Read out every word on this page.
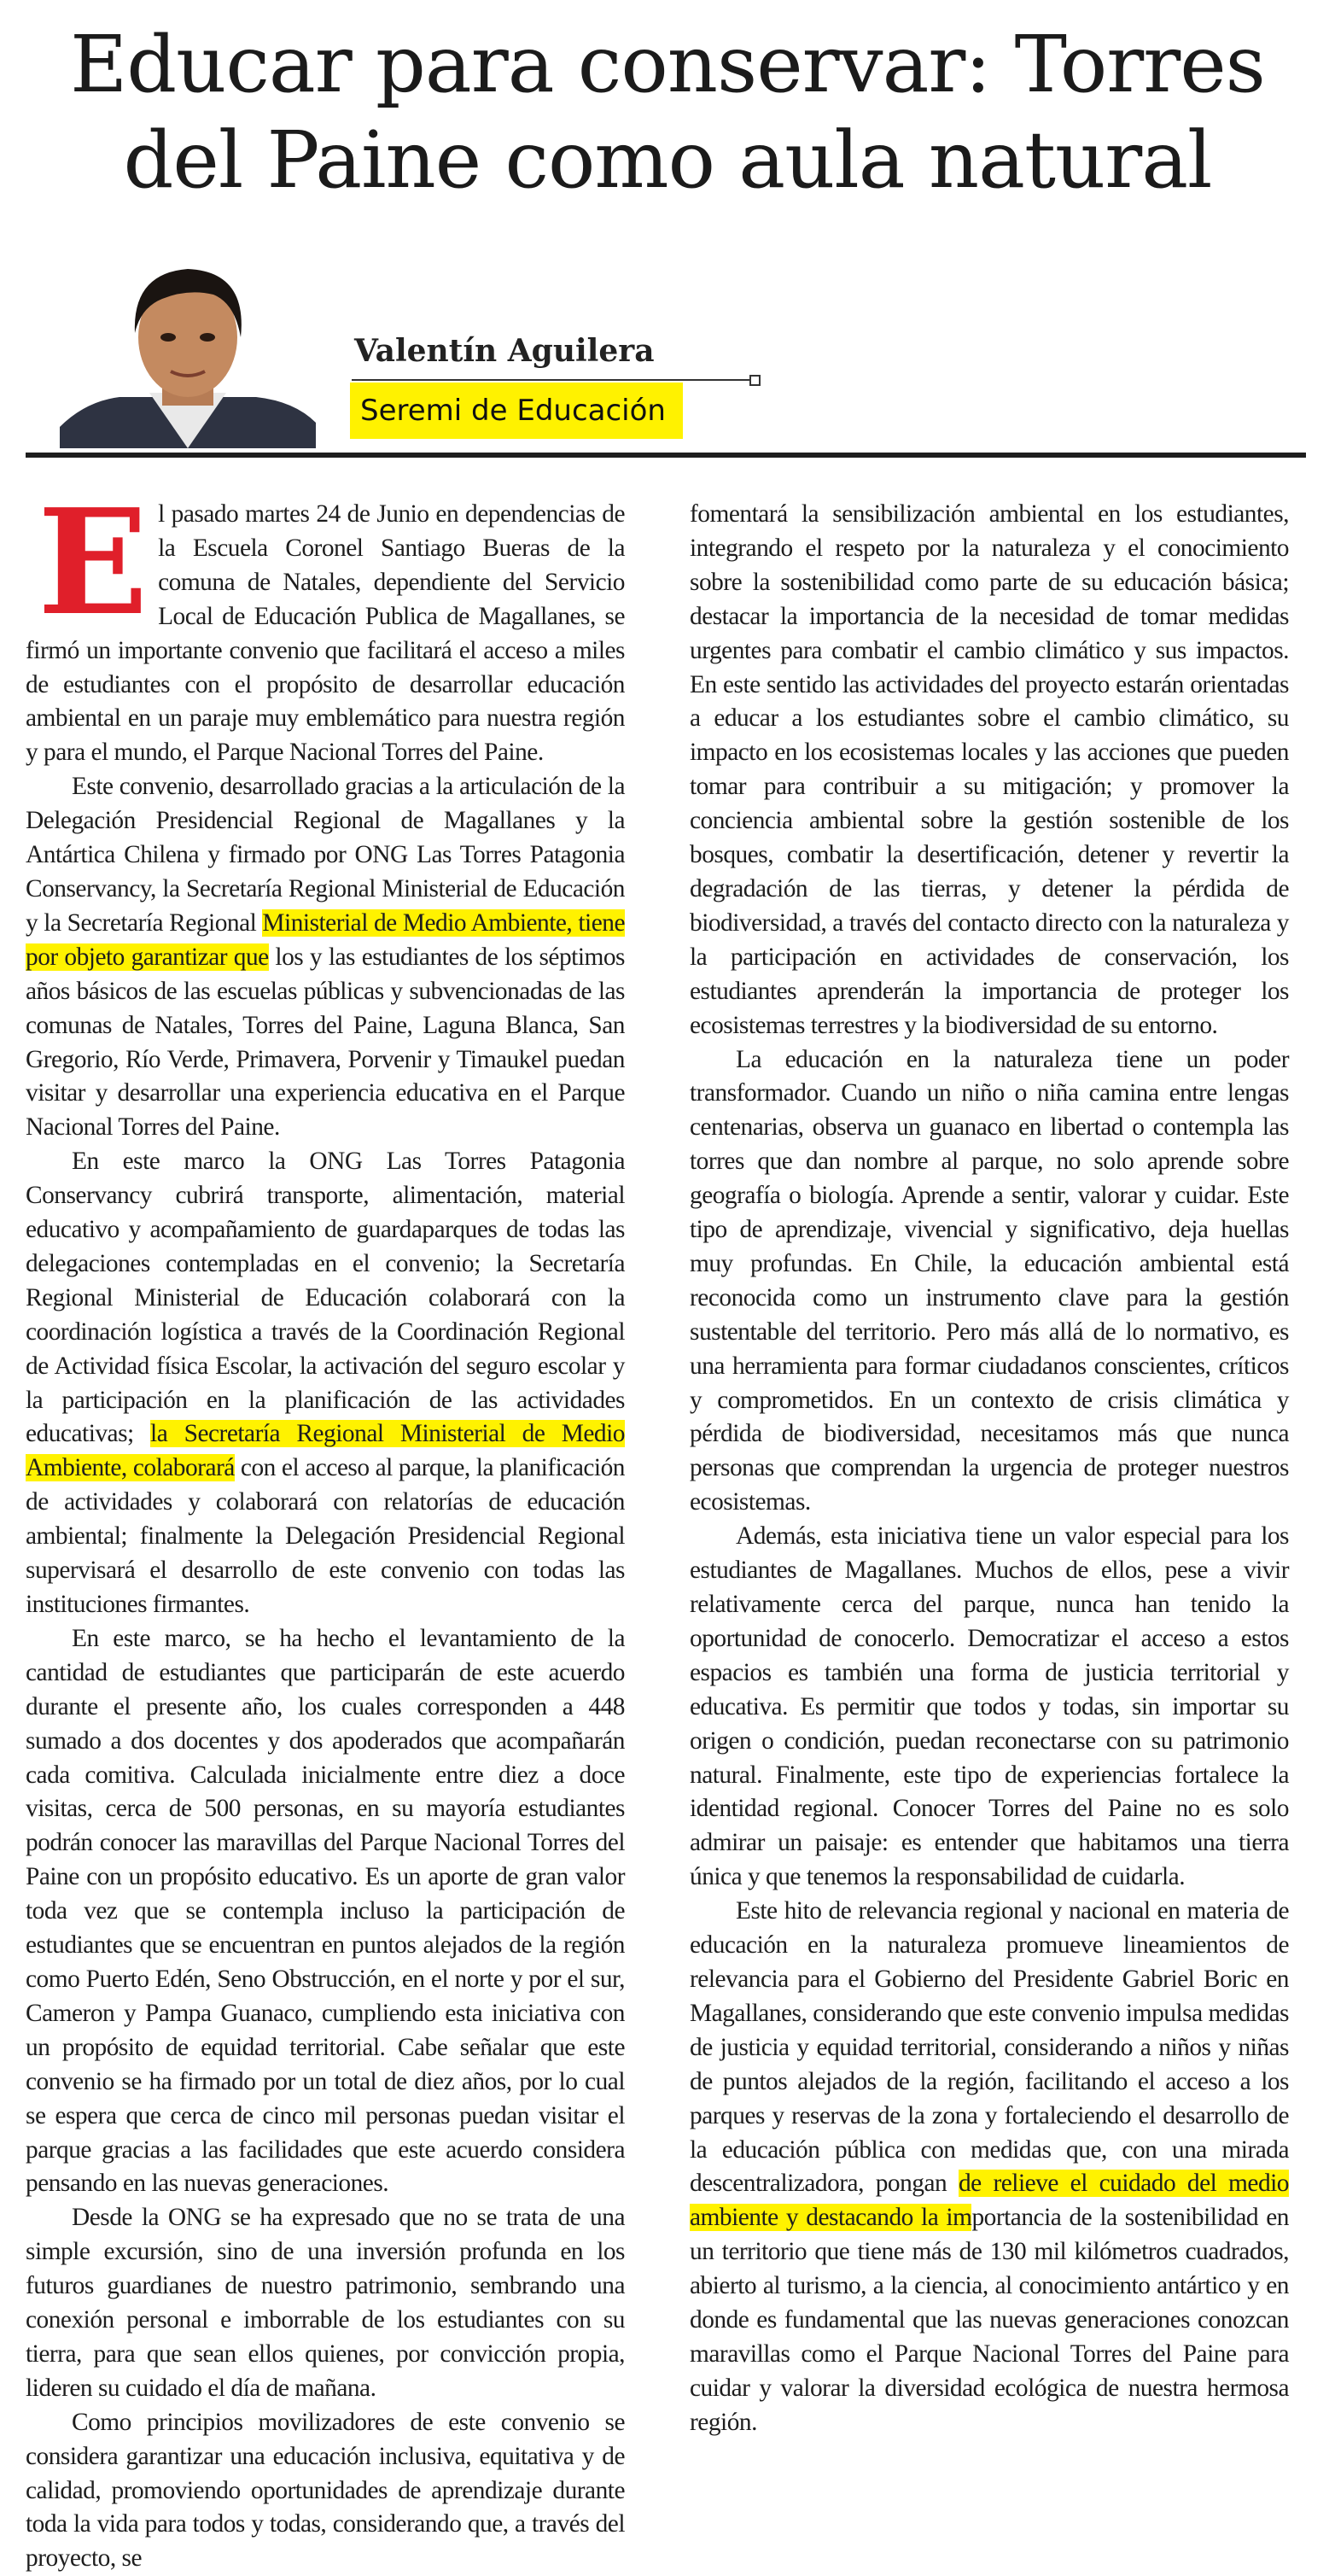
Educar para conservar: Torres
del Paine como aula natural
Valentín Aguilera
Seremi de Educación

El pasado martes 24 de Junio en dependencias de la Escuela Coronel Santiago Bueras de la comuna de Natales, dependiente del Servicio Local de Educación Publica de Magallanes, se firmó un importante convenio que facilitará el acceso a miles de estudiantes con el propósito de desarrollar educación ambiental en un paraje muy emblemático para nuestra región y para el mundo, el Parque Nacional Torres del Paine.

Este convenio, desarrollado gracias a la articulación de la Delegación Presidencial Regional de Magallanes y la Antártica Chilena y firmado por ONG Las Torres Patagonia Conservancy, la Secretaría Regional Ministerial de Educación y la Secretaría Regional Ministerial de Medio Ambiente, tiene por objeto garantizar que los y las estudiantes de los séptimos años básicos de las escuelas públicas y subvencionadas de las comunas de Natales, Torres del Paine, Laguna Blanca, San Gregorio, Río Verde, Primavera, Porvenir y Timaukel puedan visitar y desarrollar una experiencia educativa en el Parque Nacional Torres del Paine.

En este marco la ONG Las Torres Patagonia Conservancy cubrirá transporte, alimentación, material educativo y acompañamiento de guardaparques de todas las delegaciones contempladas en el convenio; la Secretaría Regional Ministerial de Educación colaborará con la coordinación logística a través de la Coordinación Regional de Actividad física Escolar, la activación del seguro escolar y la participación en la planificación de las actividades educativas; la Secretaría Regional Ministerial de Medio Ambiente, colaborará con el acceso al parque, la planificación de actividades y colaborará con relatorías de educación ambiental; finalmente la Delegación Presidencial Regional supervisará el desarrollo de este convenio con todas las instituciones firmantes.

En este marco, se ha hecho el levantamiento de la cantidad de estudiantes que participarán de este acuerdo durante el presente año, los cuales corresponden a 448 sumado a dos docentes y dos apoderados que acompañarán cada comitiva. Calculada inicialmente entre diez a doce visitas, cerca de 500 personas, en su mayoría estudiantes podrán conocer las maravillas del Parque Nacional Torres del Paine con un propósito educativo. Es un aporte de gran valor toda vez que se contempla incluso la participación de estudiantes que se encuentran en puntos alejados de la región como Puerto Edén, Seno Obstrucción, en el norte y por el sur, Cameron y Pampa Guanaco, cumpliendo esta iniciativa con un propósito de equidad territorial. Cabe señalar que este convenio se ha firmado por un total de diez años, por lo cual se espera que cerca de cinco mil personas puedan visitar el parque gracias a las facilidades que este acuerdo considera pensando en las nuevas generaciones.

Desde la ONG se ha expresado que no se trata de una simple excursión, sino de una inversión profunda en los futuros guardianes de nuestro patrimonio, sembrando una conexión personal e imborrable de los estudiantes con su tierra, para que sean ellos quienes, por convicción propia, lideren su cuidado el día de mañana.

Como principios movilizadores de este convenio se considera garantizar una educación inclusiva, equitativa y de calidad, promoviendo oportunidades de aprendizaje durante toda la vida para todos y todas, considerando que, a través del proyecto, se

fomentará la sensibilización ambiental en los estudiantes, integrando el respeto por la naturaleza y el conocimiento sobre la sostenibilidad como parte de su educación básica; destacar la importancia de la necesidad de tomar medidas urgentes para combatir el cambio climático y sus impactos. En este sentido las actividades del proyecto estarán orientadas a educar a los estudiantes sobre el cambio climático, su impacto en los ecosistemas locales y las acciones que pueden tomar para contribuir a su mitigación; y promover la conciencia ambiental sobre la gestión sostenible de los bosques, combatir la desertificación, detener y revertir la degradación de las tierras, y detener la pérdida de biodiversidad, a través del contacto directo con la naturaleza y la participación en actividades de conservación, los estudiantes aprenderán la importancia de proteger los ecosistemas terrestres y la biodiversidad de su entorno.

La educación en la naturaleza tiene un poder transformador. Cuando un niño o niña camina entre lengas centenarias, observa un guanaco en libertad o contempla las torres que dan nombre al parque, no solo aprende sobre geografía o biología. Aprende a sentir, valorar y cuidar. Este tipo de aprendizaje, vivencial y significativo, deja huellas muy profundas. En Chile, la educación ambiental está reconocida como un instrumento clave para la gestión sustentable del territorio. Pero más allá de lo normativo, es una herramienta para formar ciudadanos conscientes, críticos y comprometidos. En un contexto de crisis climática y pérdida de biodiversidad, necesitamos más que nunca personas que comprendan la urgencia de proteger nuestros ecosistemas.

Además, esta iniciativa tiene un valor especial para los estudiantes de Magallanes. Muchos de ellos, pese a vivir relativamente cerca del parque, nunca han tenido la oportunidad de conocerlo. Democratizar el acceso a estos espacios es también una forma de justicia territorial y educativa. Es permitir que todos y todas, sin importar su origen o condición, puedan reconectarse con su patrimonio natural. Finalmente, este tipo de experiencias fortalece la identidad regional. Conocer Torres del Paine no es solo admirar un paisaje: es entender que habitamos una tierra única y que tenemos la responsabilidad de cuidarla.

Este hito de relevancia regional y nacional en materia de educación en la naturaleza promueve lineamientos de relevancia para el Gobierno del Presidente Gabriel Boric en Magallanes, considerando que este convenio impulsa medidas de justicia y equidad territorial, considerando a niños y niñas de puntos alejados de la región, facilitando el acceso a los parques y reservas de la zona y fortaleciendo el desarrollo de la educación pública con medidas que, con una mirada descentralizadora, pongan de relieve el cuidado del medio ambiente y destacando la importancia de la sostenibilidad en un territorio que tiene más de 130 mil kilómetros cuadrados, abierto al turismo, a la ciencia, al conocimiento antártico y en donde es fundamental que las nuevas generaciones conozcan maravillas como el Parque Nacional Torres del Paine para cuidar y valorar la diversidad ecológica de nuestra hermosa región.
